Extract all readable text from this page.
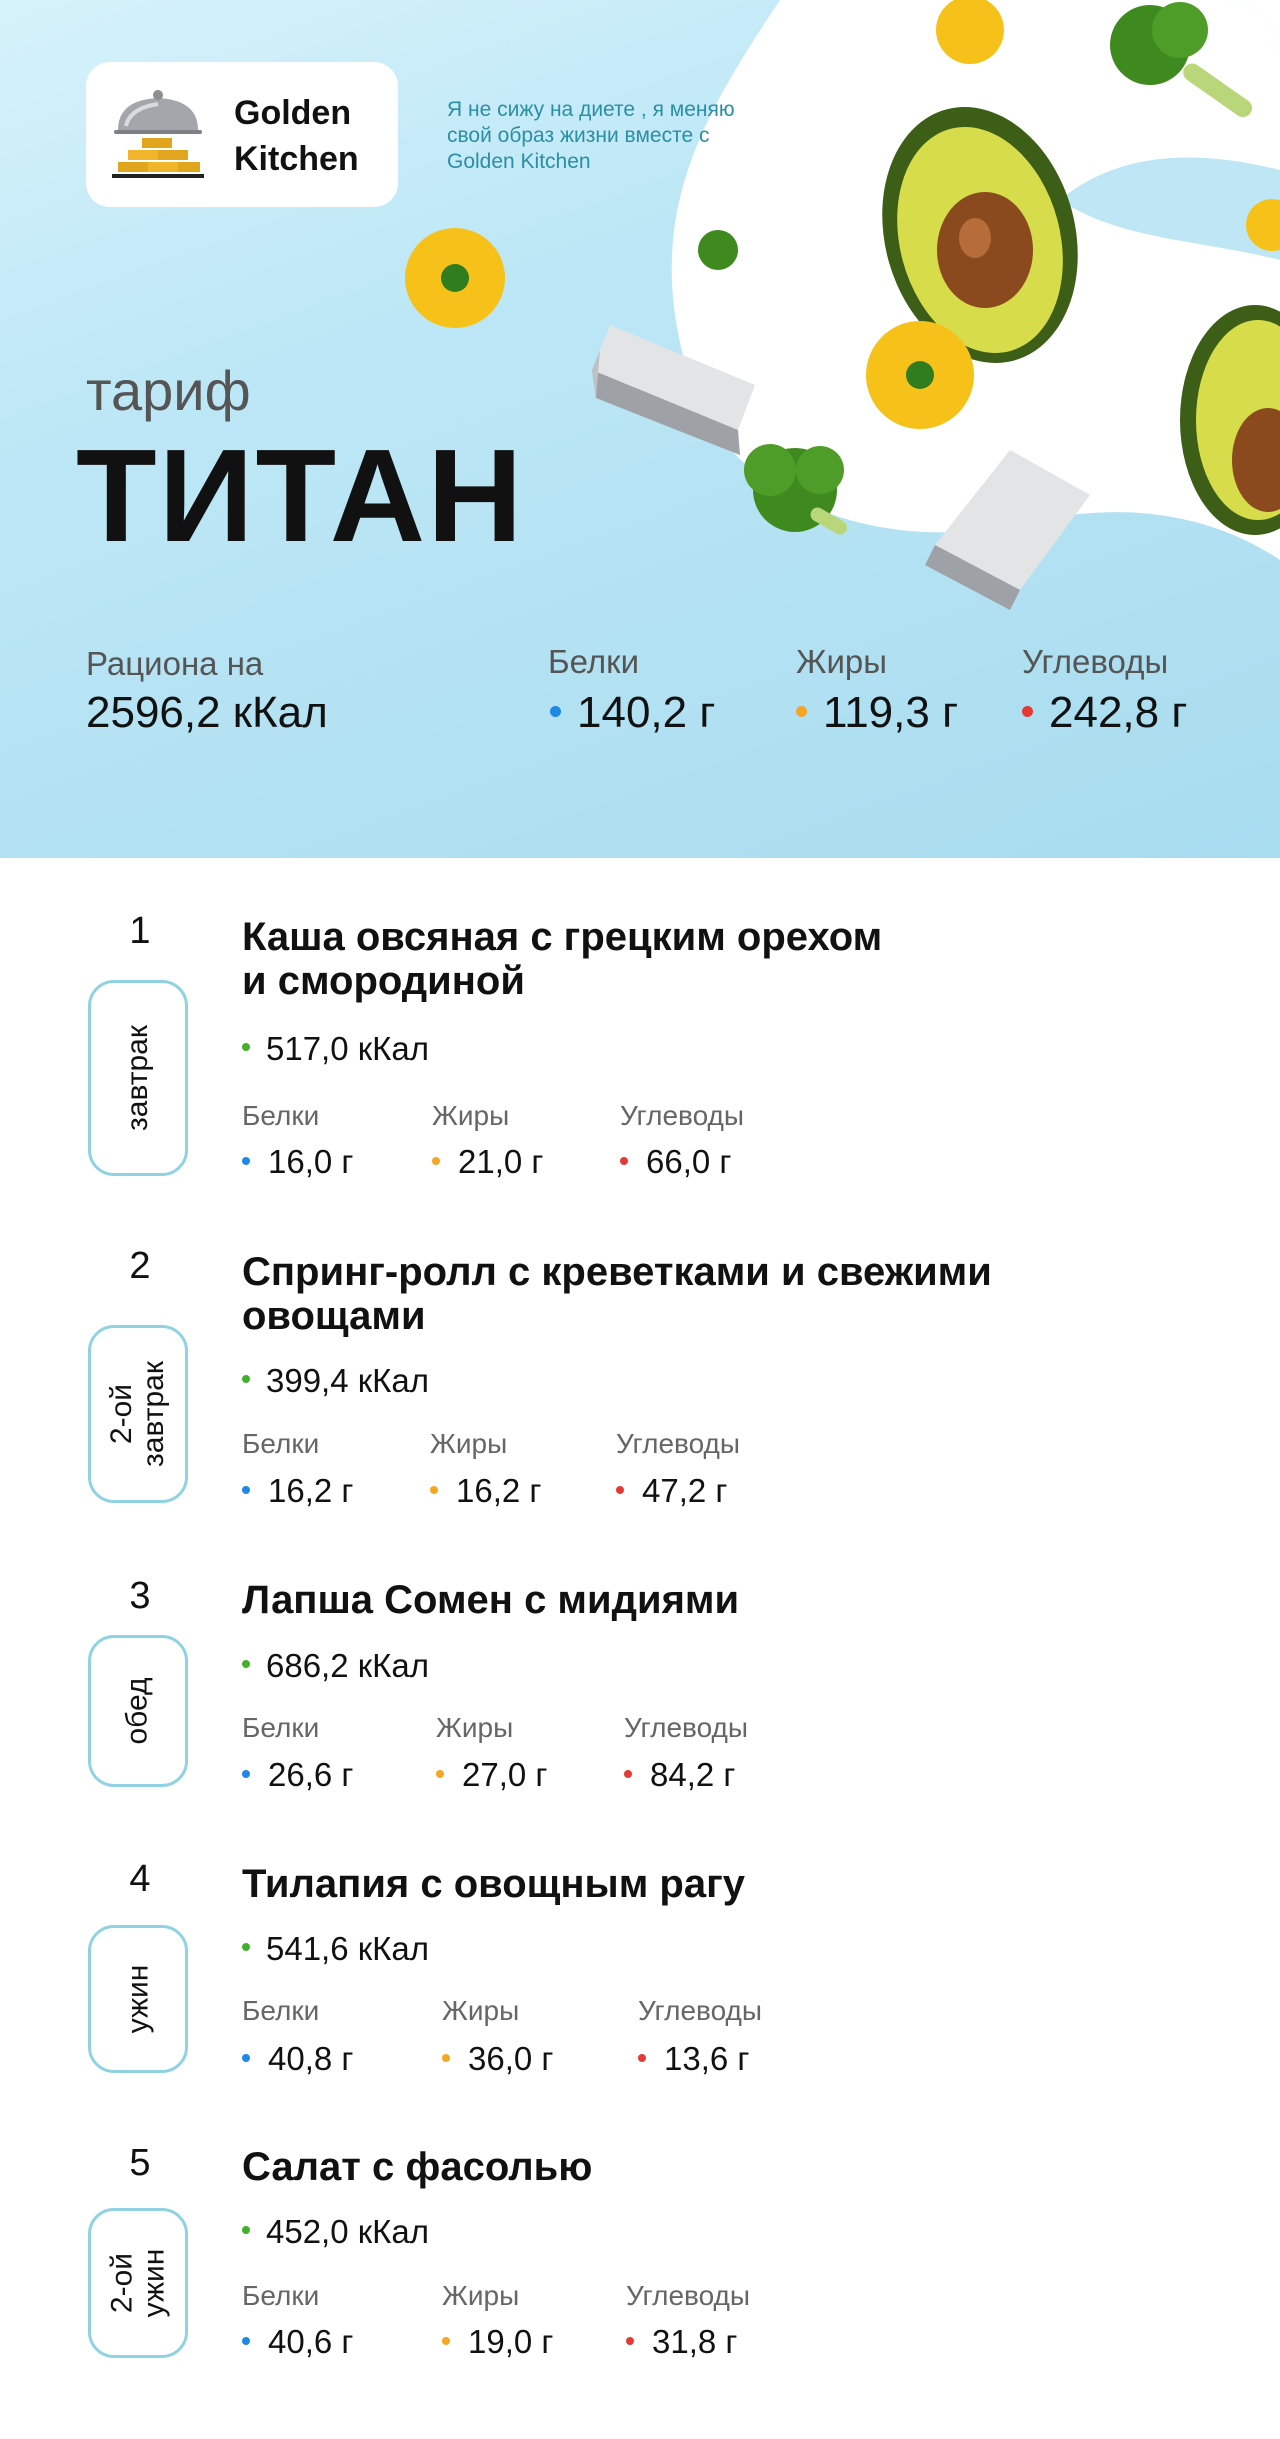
Golden
Kitchen
Я не сижу на диете , я меняю свой образ жизни вместе с Golden Kitchen
тариф
ТИТАН
Рациона на
2596,2 кКал
Белки
140,2 г
Жиры
119,3 г
Углеводы
242,8 г
1
завтрак
Каша овсяная с грецким орехом
и смородиной
517,0 кКал
Белки
16,0 г
Жиры
21,0 г
Углеводы
66,0 г
2
2-ой
завтрак
Спринг-ролл с креветками и свежими
овощами
399,4 кКал
Белки
16,2 г
Жиры
16,2 г
Углеводы
47,2 г
3
обед
Лапша Сомен с мидиями
686,2 кКал
Белки
26,6 г
Жиры
27,0 г
Углеводы
84,2 г
4
ужин
Тилапия с овощным рагу
541,6 кКал
Белки
40,8 г
Жиры
36,0 г
Углеводы
13,6 г
5
2-ой
ужин
Салат с фасолью
452,0 кКал
Белки
40,6 г
Жиры
19,0 г
Углеводы
31,8 г
